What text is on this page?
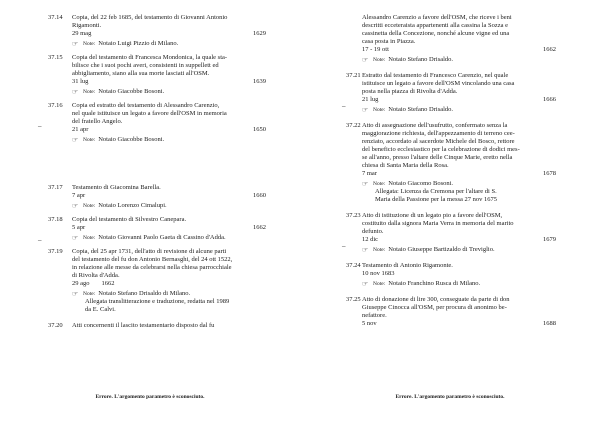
37.14 Copia, del 22 feb 1685, del testamento di Giovanni Antonio
Rigamonti.
29 mag	1629
☞ Note: Notaio Luigi Pizzio di Milano.
37.15 Copia del testamento di Francesca Mondonica, la quale sta-
bilisce che i suoi pochi averi, consistenti in suppellett ed
abbigliamento, siano alla sua morte lasciati all'OSM.
31 lug	1639
☞ Note: Notaio Giacobbe Bosoni.
37.16 Copia ed estratto del testamento di Alessandro Carenzio,
nel quale istituisce un legato a favore dell'OSM in memoria
del fratello Angelo.
21 apr	1650
☞ Note: Notaio Giacobbe Bosoni.
–
37.17 Testamento di Giacomina Barella.
7 apr	1660
☞ Note: Notaio Lorenzo Cimalupi.
37.18 Copia del testamento di Silvestro Canepara.
5 apr	1662
☞ Note: Notaio Giovanni Paolo Gaeta di Cassino d'Adda.
–
37.19 Copia, del 25 apr 1731, dell'atto di revisione di alcune parti
del testamento del fu don Antonio Bernasghi, del 24 ott 1522,
in relazione alle messe da celebrarsi nella chiesa parrocchiale
di Rivolta d'Adda.
29 ago 1662
☞ Note: Notaio Stefano Drisaldo di Milano.
Allegata translitterazione e traduzione, redatta nel 1989
da E. Calvi.
37.20 Atti concernenti il lascito testamentario disposto dal fu
Errore. L'argomento parametro è sconosciuto.
Alessandro Carenzio a favore dell'OSM, che riceve i beni
descritti ecceteraista appartenenti alla cassina la Sozza e
cassinetta della Concezione, nonché alcune vigne ed una
casa posta in Piazza.
17 - 19 ott	1662
☞ Note: Notaio Stefano Drisaldo.
37.21 Estratto dal testamento di Francesco Carenzio, nel quale
istituisce un legato a favore dell'OSM vincolando una casa
posta nella piazza di Rivolta d'Adda.
21 lug	1666
☞ Note: Notaio Stefano Drisaldo.
–
37.22 Atto di assegnazione dell'usufrutto, confermato senza la
maggiorazione richiesta, dell'appezzamento di terreno cee-
renziato, accordato al sacerdote Michele del Bosco, rettore
del beneficio ecclesiastico per la celebrazione di dodici mes-
se all'anno, presso l'altare delle Cinque Marie, eretto nella
chiesa di Santa Maria della Rosa.
7 mar	1678
☞ Note: Notaio Giacomo Bosoni.
Allegata: Licenza da Cremona per l'altare di S.
Maria della Passione per la messa 27 nov 1675
37.23 Atto di istituzione di un legato pio a favore dell'OSM,
costituito dalla signora Maria Verra in memoria del marito
defunto.
12 dic	1679
☞ Note: Notaio Giuseppe Bartizaldo di Treviglio.
–
37.24 Testamento di Antonio Rigamonte.
10 nov 1683
☞ Note: Notaio Franchino Rusca di Milano.
37.25 Atto di donazione di lire 300, conseguate da parte di don
Giuseppe Cinocca all'OSM, per procura di anonimo be-
nefattore.
5 nov	1688
Errore. L'argomento parametro è sconosciuto.
